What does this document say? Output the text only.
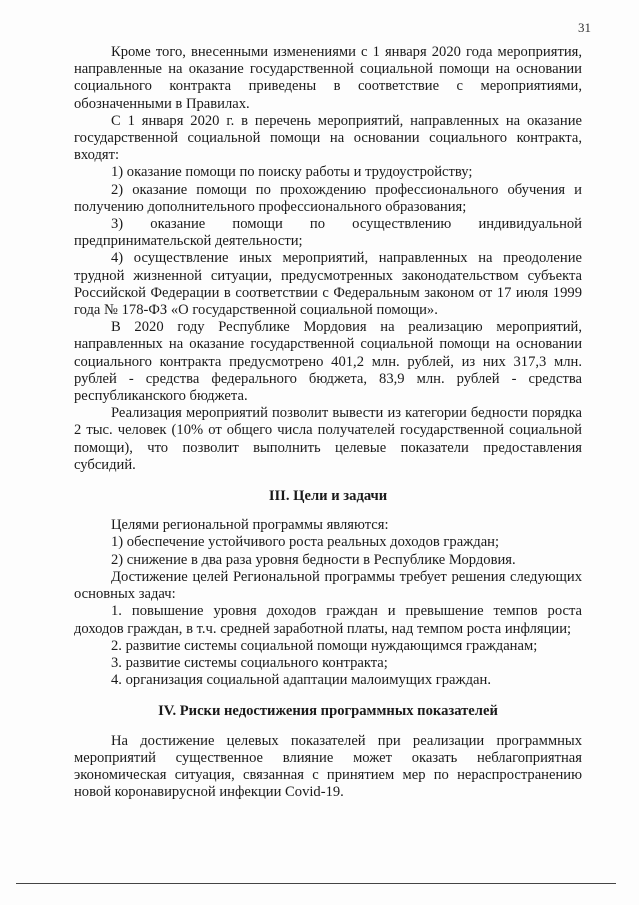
31

Кроме того, внесенными изменениями с 1 января 2020 года мероприятия, направленные на оказание государственной социальной помощи на основании социального контракта приведены в соответствие с мероприятиями, обозначенными в Правилах.

С 1 января 2020 г. в перечень мероприятий, направленных на оказание государственной социальной помощи на основании социального контракта, входят:

1) оказание помощи по поиску работы и трудоустройству;

2) оказание помощи по прохождению профессионального обучения и получению дополнительного профессионального образования;

3) оказание помощи по осуществлению индивидуальной предпринимательской деятельности;

4) осуществление иных мероприятий, направленных на преодоление трудной жизненной ситуации, предусмотренных законодательством субъекта Российской Федерации в соответствии с Федеральным законом от 17 июля 1999 года № 178-ФЗ «О государственной социальной помощи».

В 2020 году Республике Мордовия на реализацию мероприятий, направленных на оказание государственной социальной помощи на основании социального контракта предусмотрено 401,2 млн. рублей, из них 317,3 млн. рублей - средства федерального бюджета, 83,9 млн. рублей - средства республиканского бюджета.

Реализация мероприятий позволит вывести из категории бедности порядка 2 тыс. человек (10% от общего числа получателей государственной социальной помощи), что позволит выполнить целевые показатели предоставления субсидий.

III. Цели и задачи

Целями региональной программы являются:

1) обеспечение устойчивого роста реальных доходов граждан;

2) снижение в два раза уровня бедности в Республике Мордовия.

Достижение целей Региональной программы требует решения следующих основных задач:

1. повышение уровня доходов граждан и превышение темпов роста доходов граждан, в т.ч. средней заработной платы, над темпом роста инфляции;

2. развитие системы социальной помощи нуждающимся гражданам;

3. развитие системы социального контракта;

4. организация социальной адаптации малоимущих граждан.

IV. Риски недостижения программных показателей

На достижение целевых показателей при реализации программных мероприятий существенное влияние может оказать неблагоприятная экономическая ситуация, связанная с принятием мер по нераспространению новой коронавирусной инфекции Covid-19.
